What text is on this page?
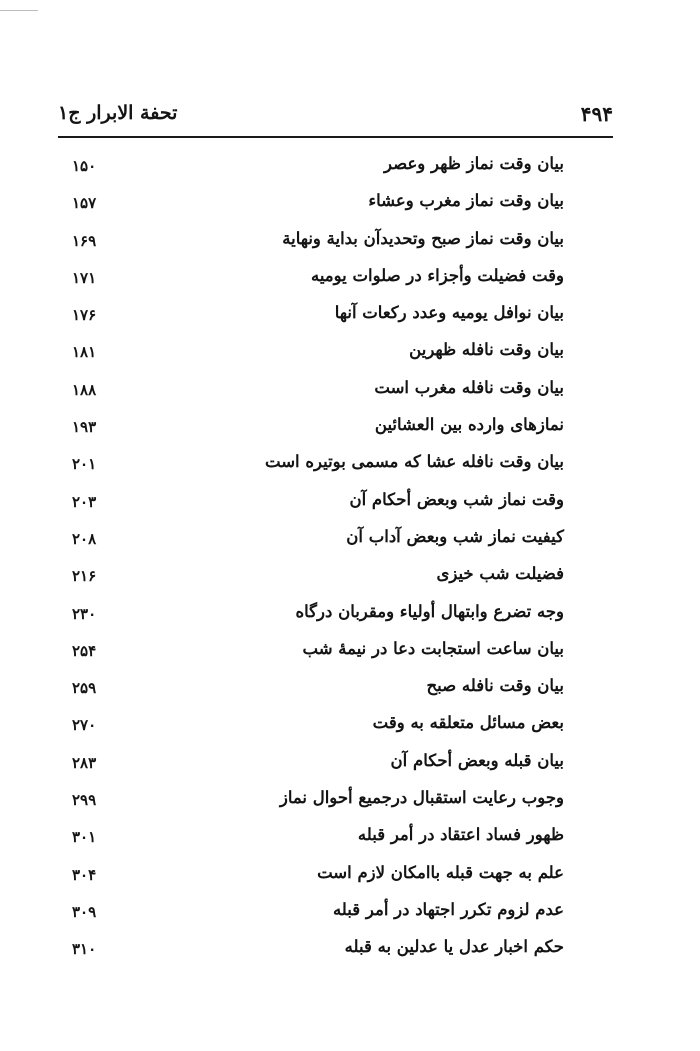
تحفة الابرار ج۱	۴۹۴
بیان وقت نماز ظهر وعصر
۱۵۰
بیان وقت نماز مغرب وعشاء
۱۵۷
بیان وقت نماز صبح وتحدیدآن بدایة ونهایة
۱۶۹
وقت فضیلت وأجزاء در صلوات یومیه
۱۷۱
بیان نوافل یومیه وعدد رکعات آنها
۱۷۶
بیان وقت نافله ظهرین
۱۸۱
بیان وقت نافله مغرب است
۱۸۸
نمازهای وارده بین العشائین
۱۹۳
بیان وقت نافله عشا که مسمی بوتیره است
۲۰۱
وقت نماز شب وبعض أحکام آن
۲۰۳
کیفیت نماز شب وبعض آداب آن
۲۰۸
فضیلت شب خیزی
۲۱۶
وجه تضرع وابتهال أولیاء ومقربان درگاه
۲۳۰
بیان ساعت استجابت دعا در نیمهٔ شب
۲۵۴
بیان وقت نافله صبح
۲۵۹
بعض مسائل متعلقه به وقت
۲۷۰
بیان قبله وبعض أحکام آن
۲۸۳
وجوب رعایت استقبال درجمیع أحوال نماز
۲۹۹
ظهور فساد اعتقاد در أمر قبله
۳۰۱
علم به جهت قبله باامکان لازم است
۳۰۴
عدم لزوم تکرر اجتهاد در أمر قبله
۳۰۹
حکم اخبار عدل یا عدلین به قبله
۳۱۰
